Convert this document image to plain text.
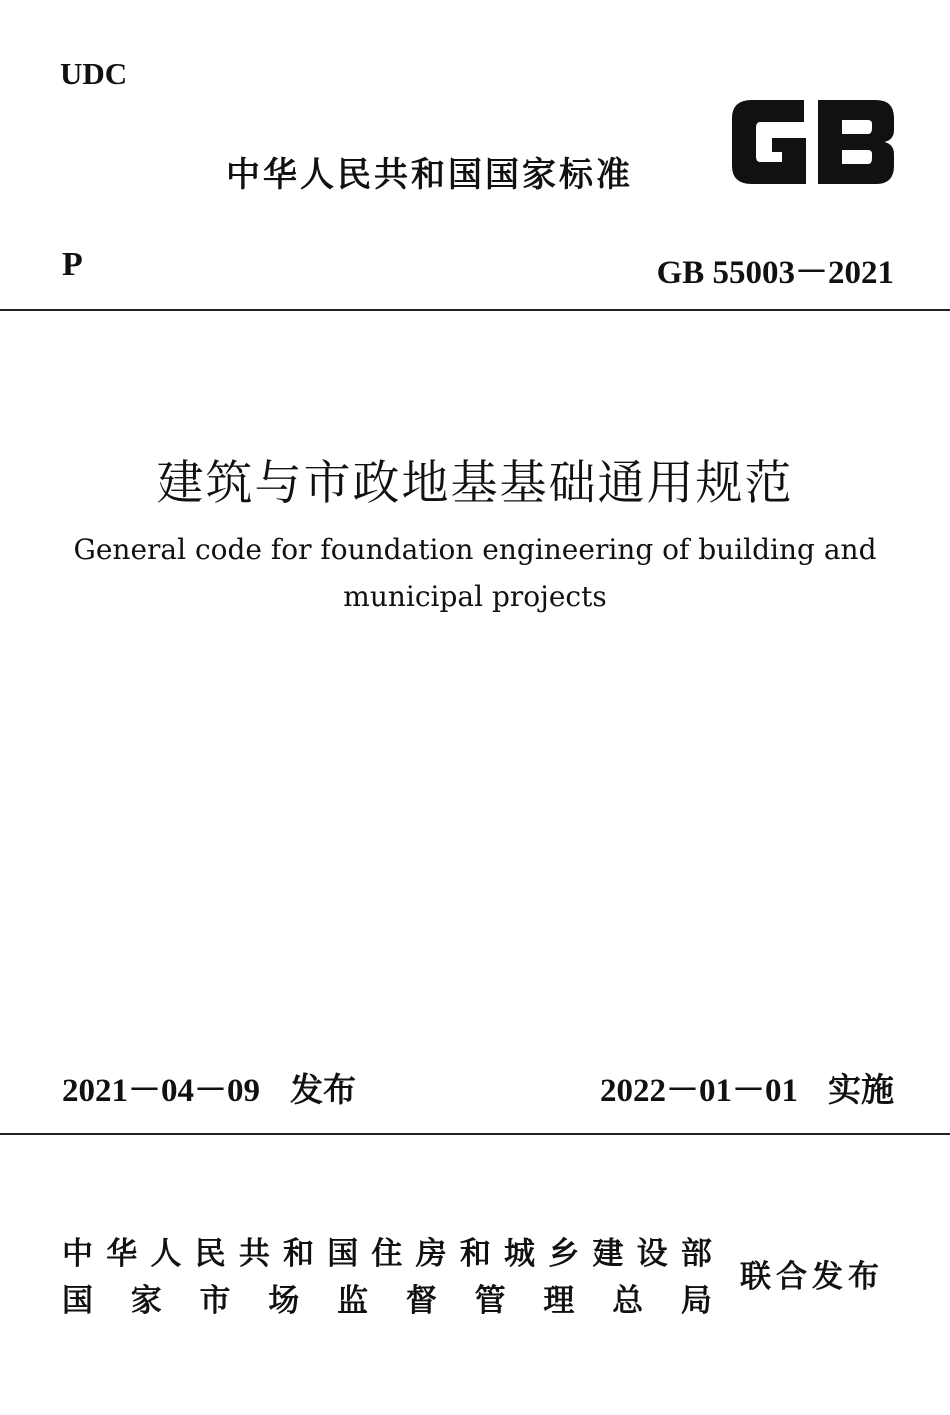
UDC
中华人民共和国国家标准
P	GB 55003－2021
建筑与市政地基基础通用规范
General code for foundation engineering of building and
municipal projects
2021－04－09 发布	2022－01－01 实施
中 华 人 民 共 和 国 住 房 和 城 乡 建 设 部
国 家 市 场 监 督 管 理 总 局
联合发布
